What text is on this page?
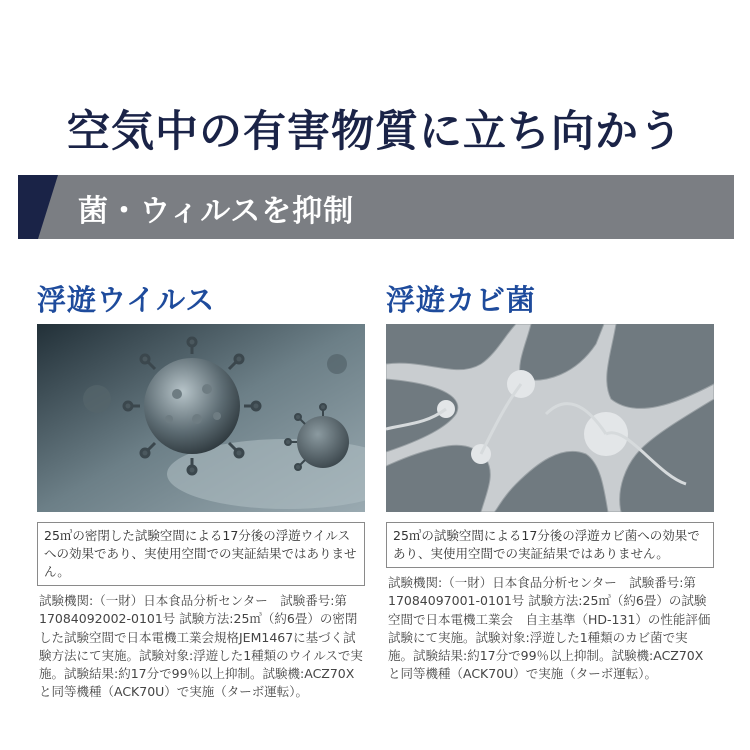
空気中の有害物質に立ち向かう
菌・ウィルスを抑制
浮遊ウイルス
25㎥の密閉した試験空間による17分後の浮遊ウイルスへの効果であり、実使用空間での実証結果ではありません。
試験機関:（一財）日本食品分析センター　試験番号:第17084092002-0101号 試験方法:25㎥（約6畳）の密閉した試験空間で日本電機工業会規格JEM1467に基づく試験方法にて実施。試験対象:浮遊した1種類のウイルスで実施。試験結果:約17分で99％以上抑制。試験機:ACZ70Xと同等機種（ACK70U）で実施（ターボ運転）。
浮遊カビ菌
25㎥の試験空間による17分後の浮遊カビ菌への効果であり、実使用空間での実証結果ではありません。
試験機関:（一財）日本食品分析センター　試験番号:第17084097001-0101号 試験方法:25㎥（約6畳）の試験空間で日本電機工業会　自主基準（HD-131）の性能評価試験にて実施。試験対象:浮遊した1種類のカビ菌で実施。試験結果:約17分で99％以上抑制。試験機:ACZ70Xと同等機種（ACK70U）で実施（ターボ運転）。
